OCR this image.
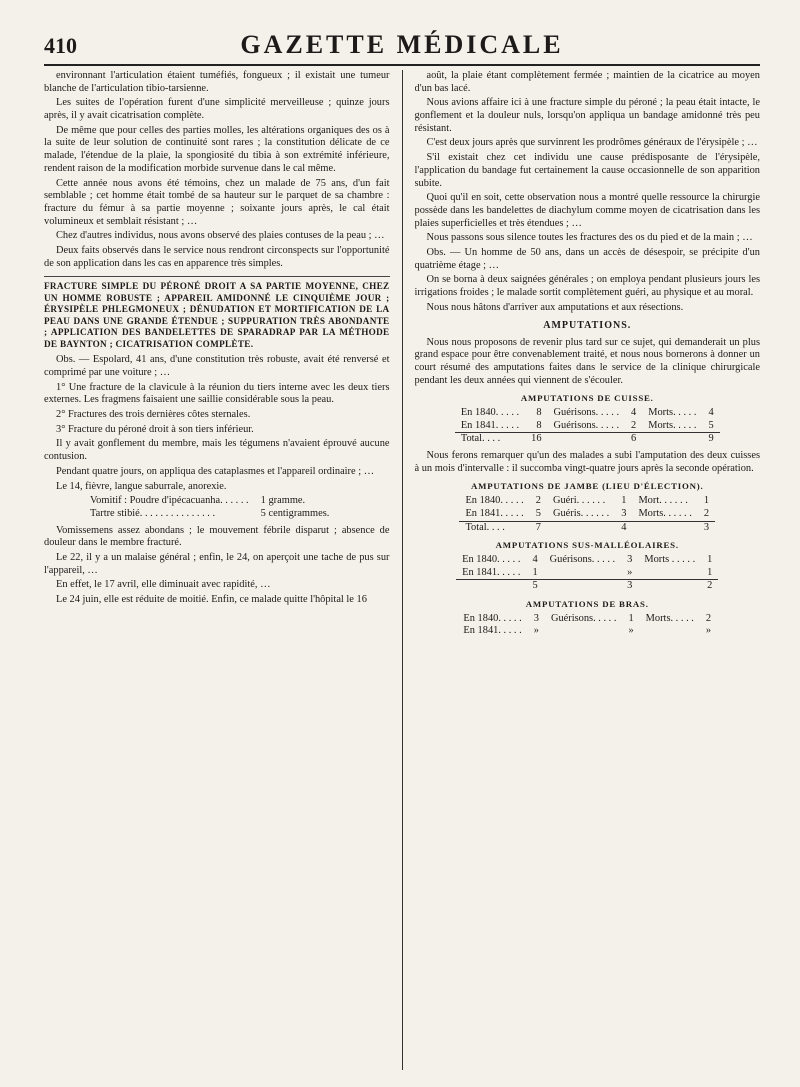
410	GAZETTE MÉDICALE

environnant l'articulation étaient tuméfiés, fongueux ; il existait une tumeur blanche de l'articulation tibio-tarsienne.

Les suites de l'opération furent d'une simplicité merveilleuse ; quinze jours après, il y avait cicatrisation complète.

De même que pour celles des parties molles, les altérations organiques des os à la suite de leur solution de continuité sont rares ; la constitution délicate de ce malade, l'étendue de la plaie, la spongiosité du tibia à son extrémité inférieure, rendent raison de la modification morbide survenue dans le cal même.

Cette année nous avons été témoins, chez un malade de 75 ans, d'un fait semblable ; cet homme était tombé de sa hauteur sur le parquet de sa chambre : fracture du fémur à sa partie moyenne ; soixante jours après, le cal était volumineux et semblait résistant ; …

Chez d'autres individus, nous avons observé des plaies contuses de la peau ; …

Deux faits observés dans le service nous rendront circonspects sur l'opportunité de son application dans les cas en apparence très simples.

FRACTURE SIMPLE DU PÉRONÉ DROIT A SA PARTIE MOYENNE, CHEZ UN HOMME ROBUSTE ; APPAREIL AMIDONNÉ LE CINQUIÈME JOUR ; ÉRYSIPÈLE PHLEGMONEUX ; DÉNUDATION ET MORTIFICATION DE LA PEAU DANS UNE GRANDE ÉTENDUE ; SUPPURATION TRÈS ABONDANTE ; APPLICATION DES BANDELETTES DE SPARADRAP PAR LA MÉTHODE DE BAYNTON ; CICATRISATION COMPLÈTE.

Obs. — Espolard, 41 ans, d'une constitution très robuste, avait été renversé et comprimé par une voiture ; …

1° Une fracture de la clavicule à la réunion du tiers interne avec les deux tiers externes. Les fragmens faisaient une saillie considérable sous la peau.

2° Fractures des trois dernières côtes sternales.

3° Fracture du péroné droit à son tiers inférieur.

Il y avait gonflement du membre, mais les tégumens n'avaient éprouvé aucune contusion.

Pendant quatre jours, on appliqua des cataplasmes et l'appareil ordinaire ; …

Le 14, fièvre, langue saburrale, anorexie.

Vomitif : Poudre d'ipécacuanha. . . . . .	1 gramme.
Tartre stibié. . . . . . . . . . . . . . .	5 centigrammes.

Vomissemens assez abondans ; le mouvement fébrile disparut ; absence de douleur dans le membre fracturé.

Le 22, il y a un malaise général ; enfin, le 24, on aperçoit une tache de pus sur l'appareil, …

En effet, le 17 avril, elle diminuait avec rapidité, …

Le 24 juin, elle est réduite de moitié. Enfin, ce malade quitte l'hôpital le 16

août, la plaie étant complètement fermée ; maintien de la cicatrice au moyen d'un bas lacé.

Nous avions affaire ici à une fracture simple du péroné ; la peau était intacte, le gonflement et la douleur nuls, lorsqu'on appliqua un bandage amidonné très peu résistant.

C'est deux jours après que survinrent les prodrômes généraux de l'érysipèle ; …

S'il existait chez cet individu une cause prédisposante de l'érysipèle, l'application du bandage fut certainement la cause occasionnelle de son apparition subite.

Quoi qu'il en soit, cette observation nous a montré quelle ressource la chirurgie possède dans les bandelettes de diachylum comme moyen de cicatrisation dans les plaies superficielles et très étendues ; …

Nous passons sous silence toutes les fractures des os du pied et de la main ; …

Obs. — Un homme de 50 ans, dans un accès de désespoir, se précipite d'un quatrième étage ; …

On se borna à deux saignées générales ; on employa pendant plusieurs jours les irrigations froides ; le malade sortit complètement guéri, au physique et au moral.

Nous nous hâtons d'arriver aux amputations et aux résections.

AMPUTATIONS.

Nous nous proposons de revenir plus tard sur ce sujet, qui demanderait un plus grand espace pour être convenablement traité, et nous nous bornerons à donner un court résumé des amputations faites dans le service de la clinique chirurgicale pendant les deux années qui viennent de s'écouler.

AMPUTATIONS DE CUISSE.
En 1840. . . . .	8	Guérisons. . . . .	4	Morts. . . . .	4
En 1841. . . . .	8	Guérisons. . . . .	2	Morts. . . . .	5
Total. . . .	16		6		9

Nous ferons remarquer qu'un des malades a subi l'amputation des deux cuisses à un mois d'intervalle : il succomba vingt-quatre jours après la seconde opération.

AMPUTATIONS DE JAMBE (LIEU D'ÉLECTION).
En 1840. . . . .	2	Guéri. . . . . .	1	Mort. . . . . .	1
En 1841. . . . .	5	Guéris. . . . . .	3	Morts. . . . . .	2
Total. . . .	7		4		3
AMPUTATIONS SUS-MALLÉOLAIRES.
En 1840. . . . .	4	Guérisons. . . . .	3	Morts . . . . .	1
En 1841. . . . .	1		»		1
	5		3		2
AMPUTATIONS DE BRAS.
En 1840. . . . .	3	Guérisons. . . . .	1	Morts. . . . .	2
En 1841. . . . .	»		»		»
